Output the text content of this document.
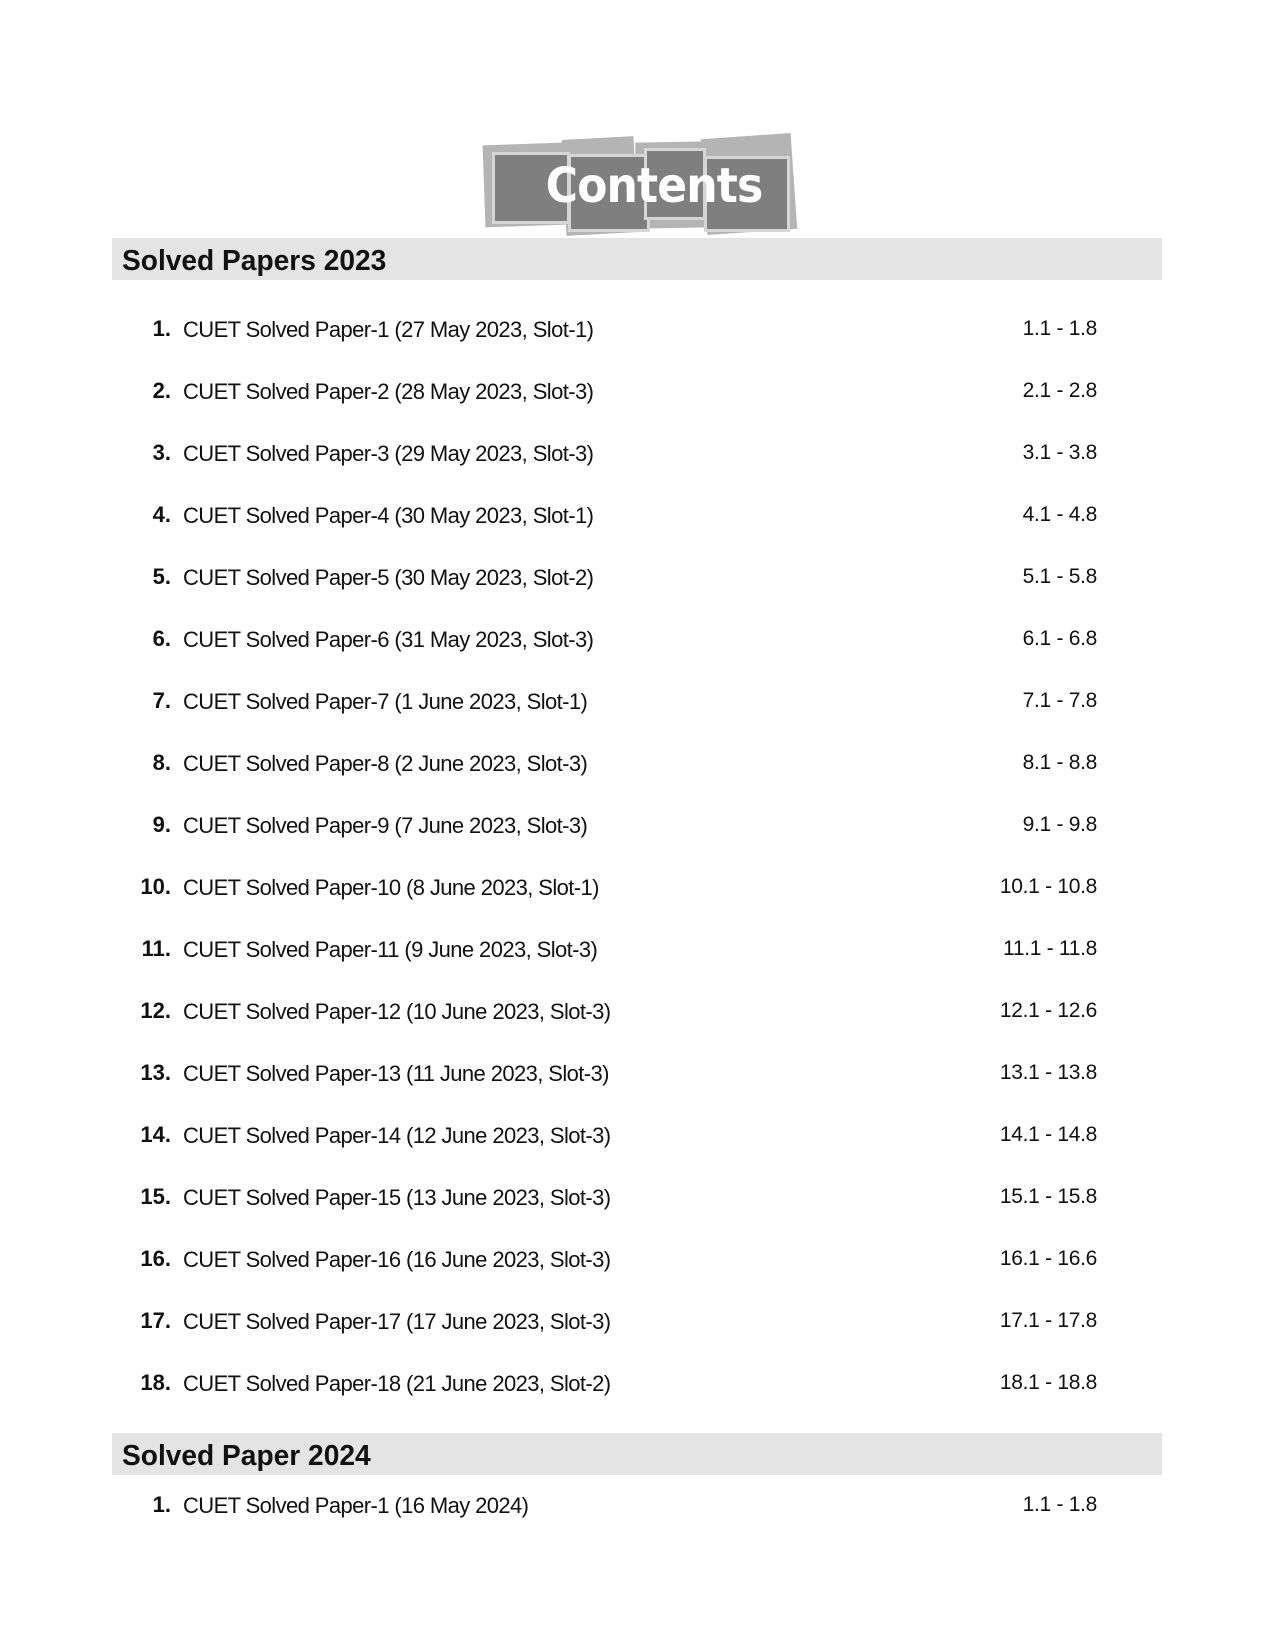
Contents
Solved Papers 2023
1. CUET Solved Paper-1 (27 May 2023, Slot-1)	1.1 - 1.8
2. CUET Solved Paper-2 (28 May 2023, Slot-3)	2.1 - 2.8
3. CUET Solved Paper-3 (29 May 2023, Slot-3)	3.1 - 3.8
4. CUET Solved Paper-4 (30 May 2023, Slot-1)	4.1 - 4.8
5. CUET Solved Paper-5 (30 May 2023, Slot-2)	5.1 - 5.8
6. CUET Solved Paper-6 (31 May 2023, Slot-3)	6.1 - 6.8
7. CUET Solved Paper-7 (1 June 2023, Slot-1)	7.1 - 7.8
8. CUET Solved Paper-8 (2 June 2023, Slot-3)	8.1 - 8.8
9. CUET Solved Paper-9 (7 June 2023, Slot-3)	9.1 - 9.8
10. CUET Solved Paper-10 (8 June 2023, Slot-1)	10.1 - 10.8
11. CUET Solved Paper-11 (9 June 2023, Slot-3)	11.1 - 11.8
12. CUET Solved Paper-12 (10 June 2023, Slot-3)	12.1 - 12.6
13. CUET Solved Paper-13 (11 June 2023, Slot-3)	13.1 - 13.8
14. CUET Solved Paper-14 (12 June 2023, Slot-3)	14.1 - 14.8
15. CUET Solved Paper-15 (13 June 2023, Slot-3)	15.1 - 15.8
16. CUET Solved Paper-16 (16 June 2023, Slot-3)	16.1 - 16.6
17. CUET Solved Paper-17 (17 June 2023, Slot-3)	17.1 - 17.8
18. CUET Solved Paper-18 (21 June 2023, Slot-2)	18.1 - 18.8
Solved Paper 2024
1. CUET Solved Paper-1 (16 May 2024)	1.1 - 1.8
